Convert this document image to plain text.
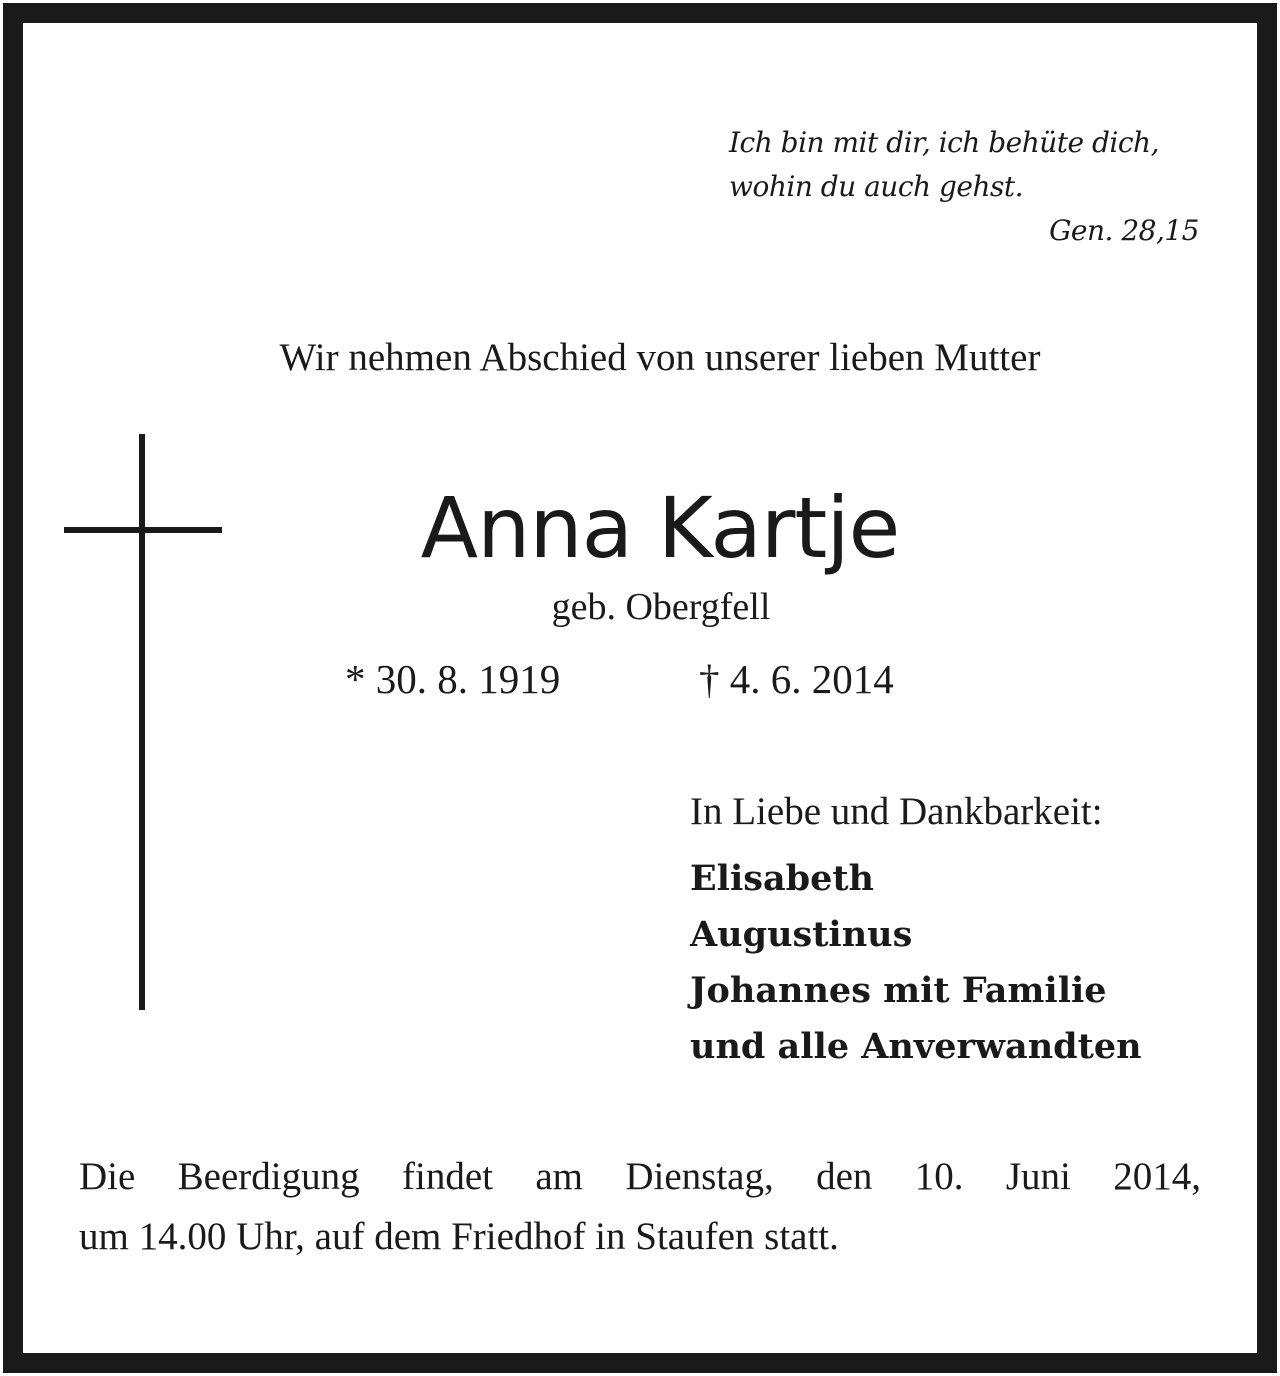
Ich bin mit dir, ich behüte dich,
wohin du auch gehst.
Gen. 28,15
Wir nehmen Abschied von unserer lieben Mutter
Anna Kartje
geb. Obergfell
* 30. 8. 1919	† 4. 6. 2014
In Liebe und Dankbarkeit:
Elisabeth
Augustinus
Johannes mit Familie
und alle Anverwandten
Die Beerdigung findet am Dienstag, den 10. Juni 2014,
um 14.00 Uhr, auf dem Friedhof in Staufen statt.
